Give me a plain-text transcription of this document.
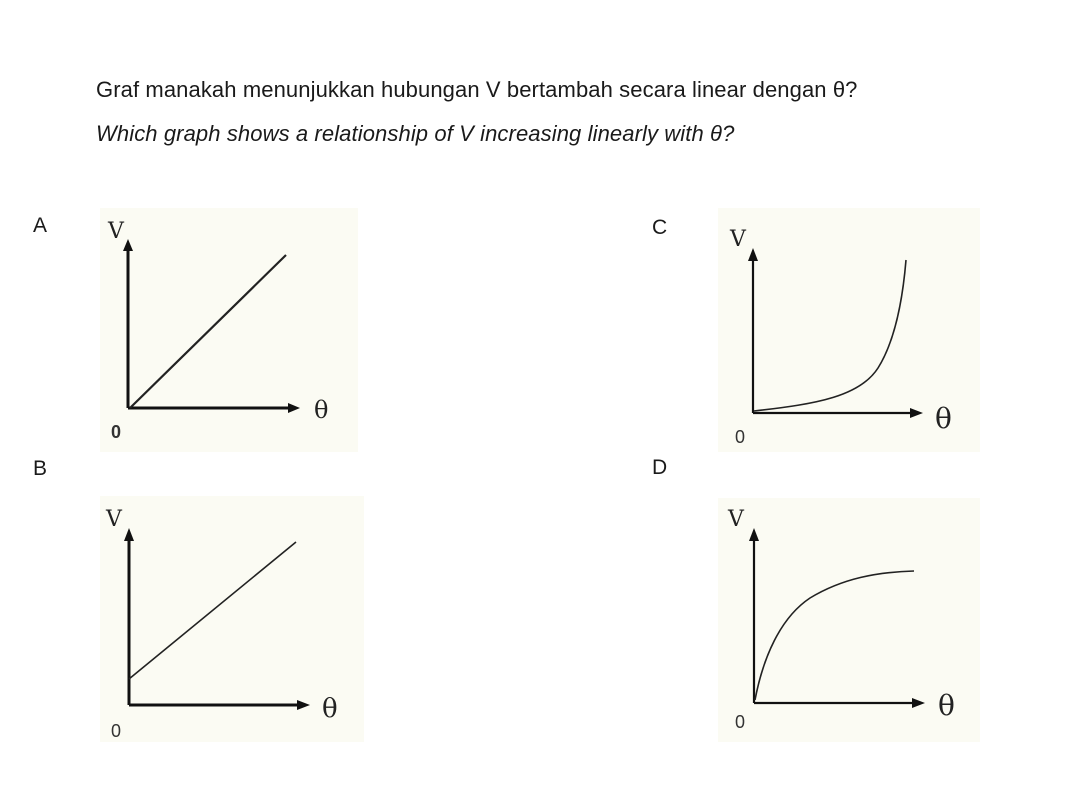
Graf manakah menunjukkan hubungan V bertambah secara linear dengan θ?
Which graph shows a relationship of V increasing linearly with θ?
A	V
θ
0
B
V
θ
0
C	V
θ
0
D
V
θ
0
